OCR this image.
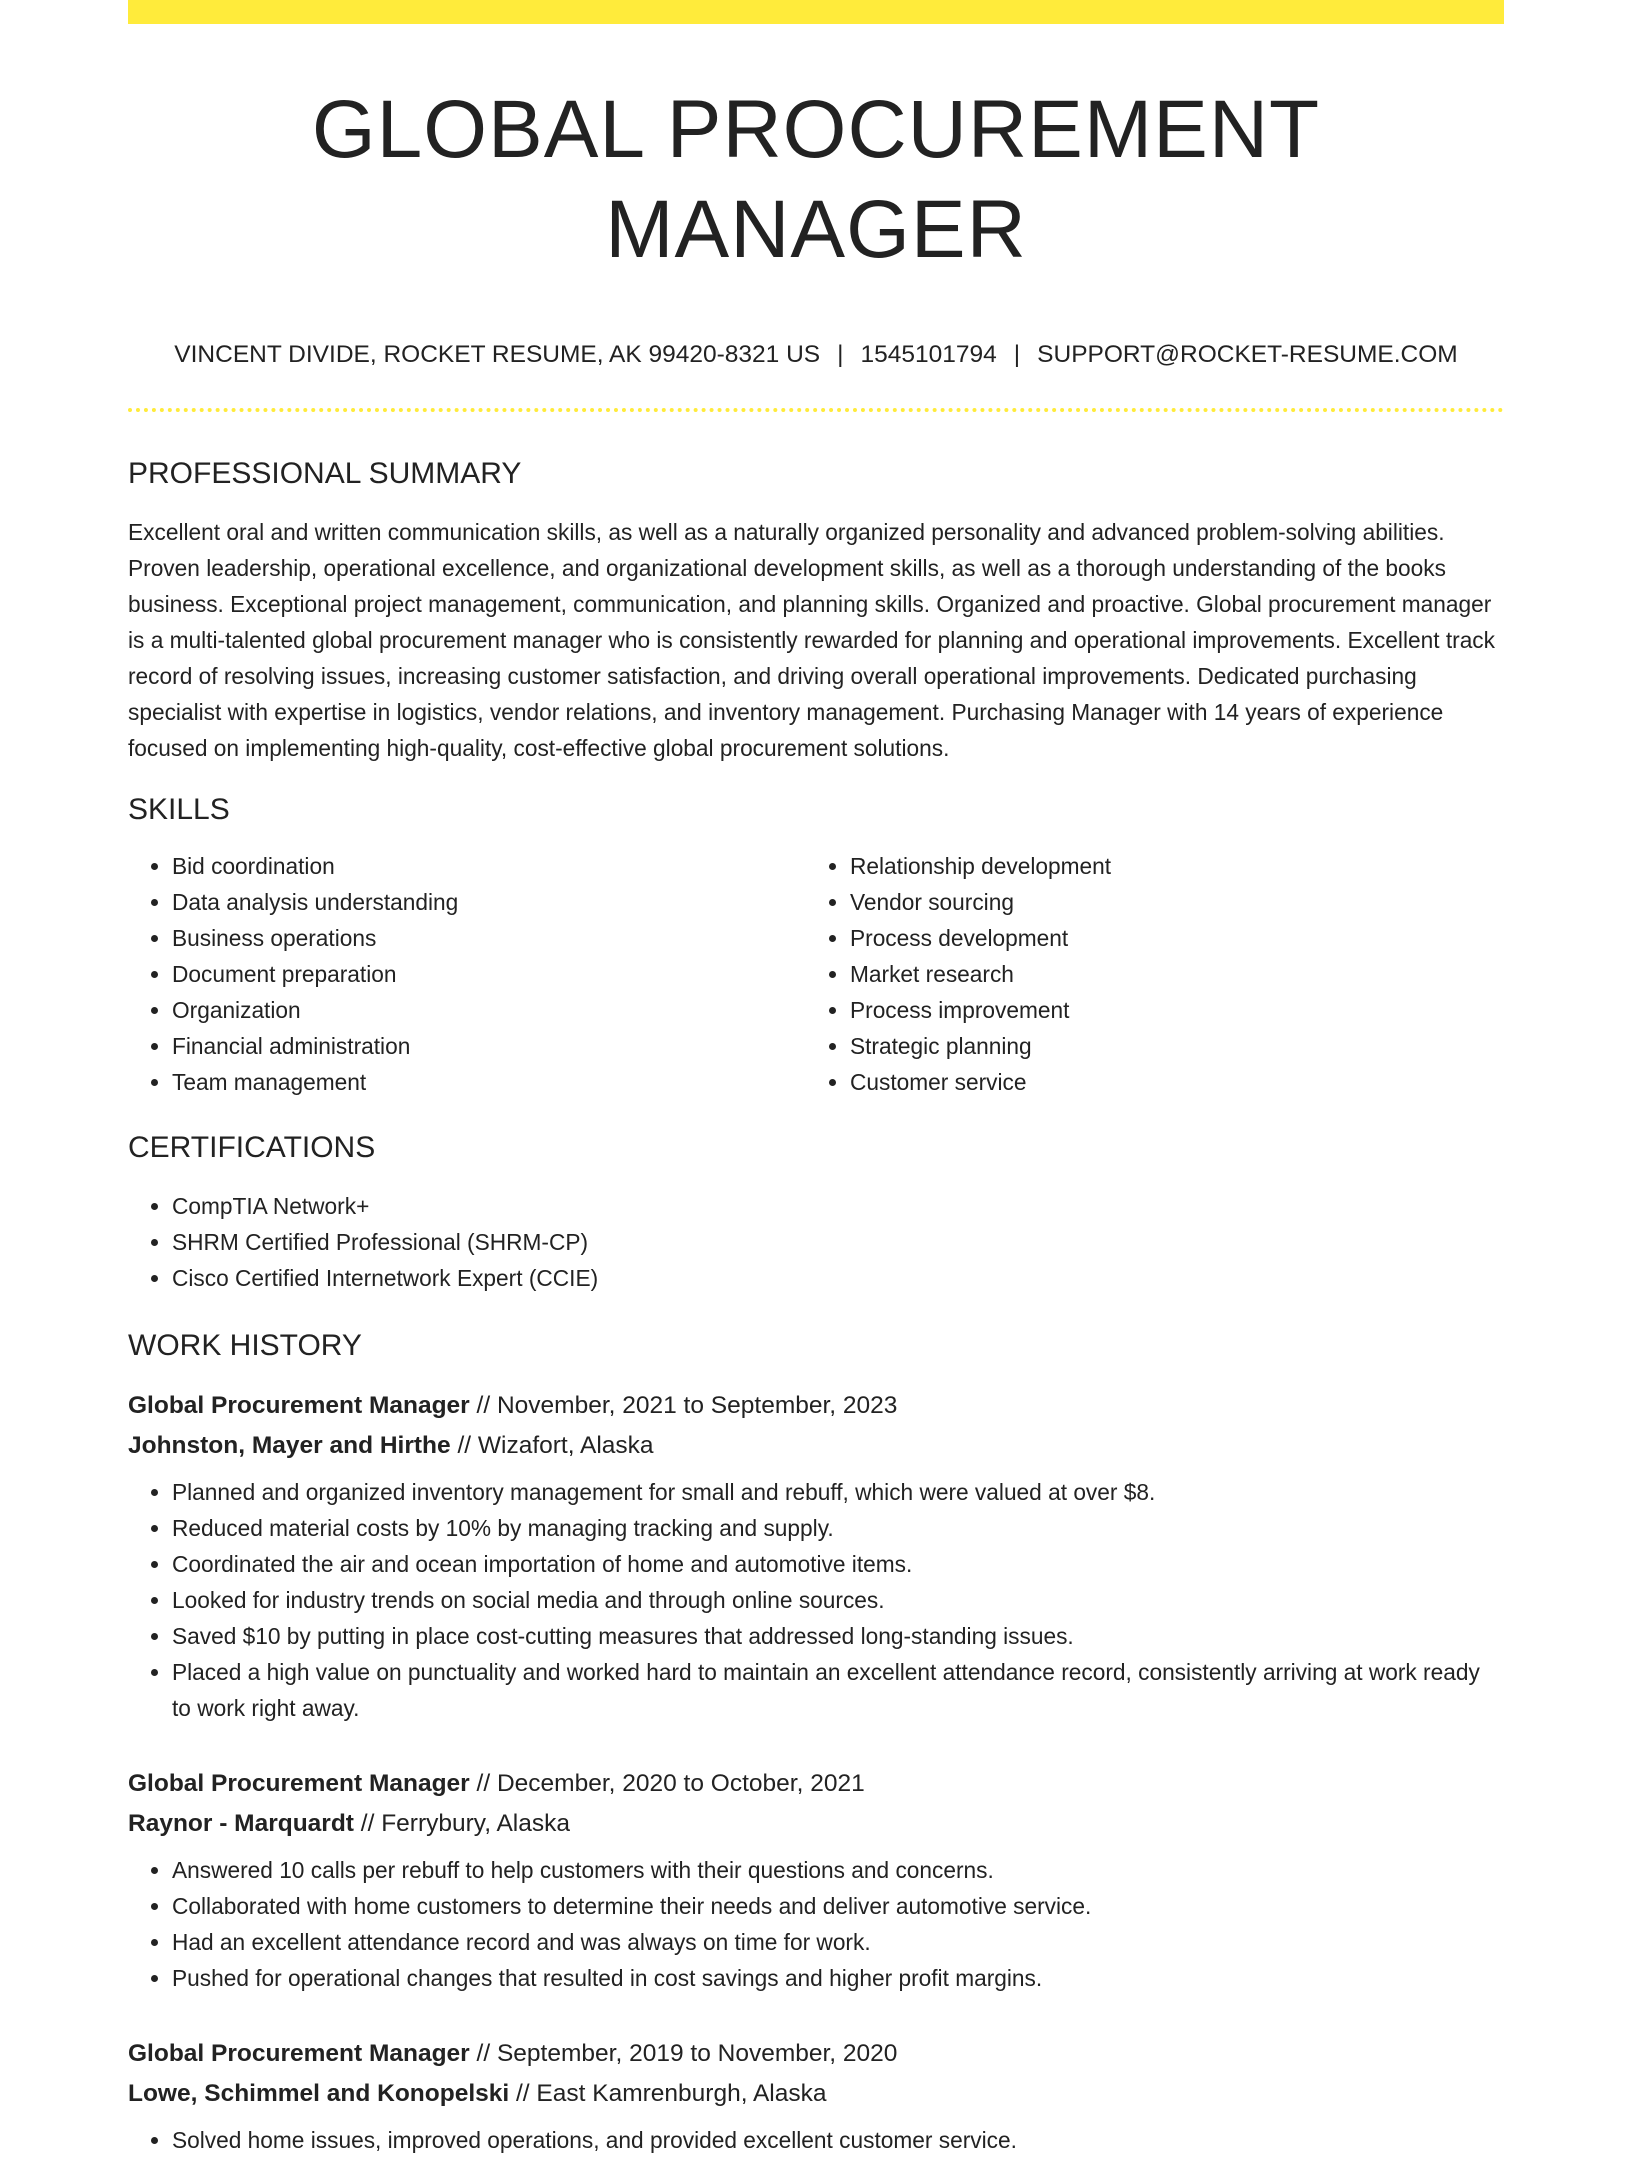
GLOBAL PROCUREMENT MANAGER
VINCENT DIVIDE, ROCKET RESUME, AK 99420-8321 US | 1545101794 | SUPPORT@ROCKET-RESUME.COM
PROFESSIONAL SUMMARY

Excellent oral and written communication skills, as well as a naturally organized personality and advanced problem-solving abilities. Proven leadership, operational excellence, and organizational development skills, as well as a thorough understanding of the books business. Exceptional project management, communication, and planning skills. Organized and proactive. Global procurement manager is a multi-talented global procurement manager who is consistently rewarded for planning and operational improvements. Excellent track record of resolving issues, increasing customer satisfaction, and driving overall operational improvements. Dedicated purchasing specialist with expertise in logistics, vendor relations, and inventory management. Purchasing Manager with 14 years of experience focused on implementing high-quality, cost-effective global procurement solutions.

SKILLS
• Bid coordination
• Data analysis understanding
• Business operations
• Document preparation
• Organization
• Financial administration
• Team management
• Relationship development
• Vendor sourcing
• Process development
• Market research
• Process improvement
• Strategic planning
• Customer service
CERTIFICATIONS
• CompTIA Network+
• SHRM Certified Professional (SHRM-CP)
• Cisco Certified Internetwork Expert (CCIE)
WORK HISTORY
Global Procurement Manager // November, 2021 to September, 2023
Johnston, Mayer and Hirthe // Wizafort, Alaska
• Planned and organized inventory management for small and rebuff, which were valued at over $8.
• Reduced material costs by 10% by managing tracking and supply.
• Coordinated the air and ocean importation of home and automotive items.
• Looked for industry trends on social media and through online sources.
• Saved $10 by putting in place cost-cutting measures that addressed long-standing issues.
• Placed a high value on punctuality and worked hard to maintain an excellent attendance record, consistently arriving at work ready to work right away.
Global Procurement Manager // December, 2020 to October, 2021
Raynor - Marquardt // Ferrybury, Alaska
• Answered 10 calls per rebuff to help customers with their questions and concerns.
• Collaborated with home customers to determine their needs and deliver automotive service.
• Had an excellent attendance record and was always on time for work.
• Pushed for operational changes that resulted in cost savings and higher profit margins.
Global Procurement Manager // September, 2019 to November, 2020
Lowe, Schimmel and Konopelski // East Kamrenburgh, Alaska
• Solved home issues, improved operations, and provided excellent customer service.
